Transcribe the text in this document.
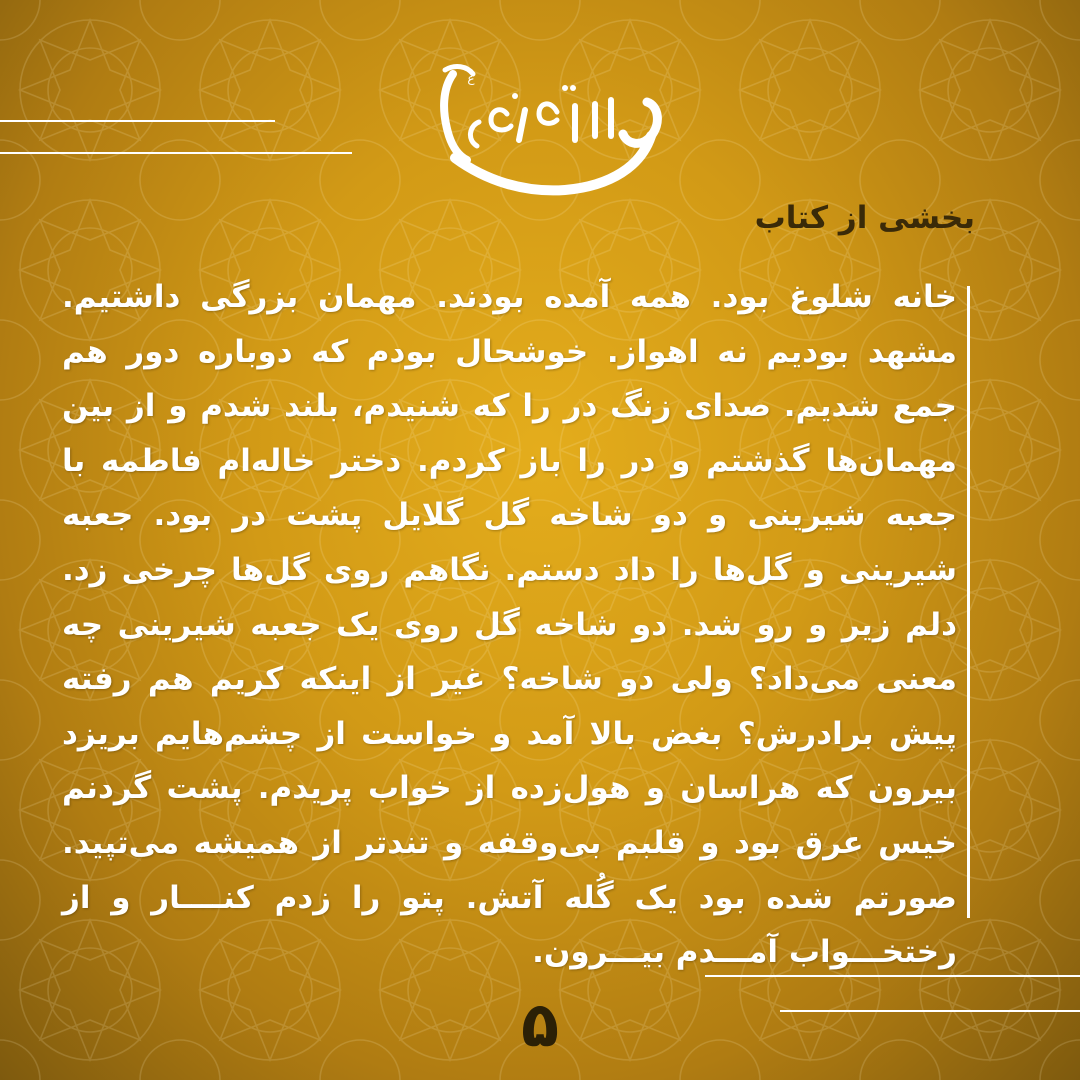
ع
بخشی از کتاب

خانه شلوغ بود. همه آمده بودند. مهمان بزرگی داشتیم. مشهد بودیم نه اهواز. خوشحال بودم که دوباره دور هم جمع شدیم. صدای زنگ در را که شنیدم، بلند شدم و از بین مهمان‌ها گذشتم و در را باز کردم. دختر خاله‌ام فاطمه با جعبه شیرینی و دو شاخه گل گلایل پشت در بود. جعبه شیرینی و گل‌ها را داد دستم. نگاهم روی گل‌ها چرخی زد. دلم زیر و رو شد. دو شاخه گل روی یک جعبه شیرینی چه معنی می‌داد؟ ولی دو شاخه؟ غیر از اینکه کریم هم رفته پیش برادرش؟ بغض بالا آمد و خواست از چشم‌هایم بریزد بیرون که هراسان و هول‌زده از خواب پریدم. پشت گردنم خیس عرق بود و قلبم بی‌وقفه و تندتر از همیشه می‌تپید. صورتم شده بود یک گُله آتش. پتو را زدم کنــــار و از رختخـــواب آمـــدم بیـــرون.

۵
